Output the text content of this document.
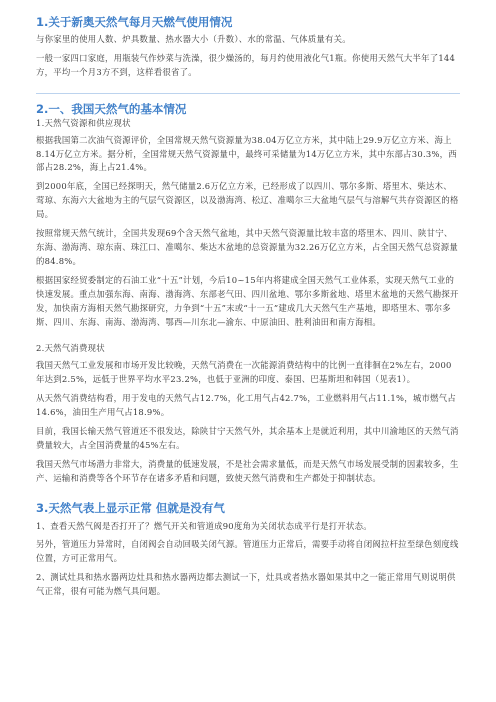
1.关于新奥天然气每月天燃气使用情况

与你家里的使用人数、炉具数量、热水器大小（升数）、水的常温、气体质量有关。

一般一家四口家庭，用瓶装气作炒菜与洗澡，很少燥汤的，每月约使用液化气1瓶。你使用天然气大半年了144方，平均一个月3方不到，这样看很省了。

2.一、我国天然气的基本情况

1.天然气资源和供应现状

根据我国第二次油气资源评价，全国常规天然气资源量为38.04万亿立方米，其中陆上29.9万亿立方米、海上8.14万亿立方米。据分析，全国常规天然气资源量中，最终可采储量为14万亿立方米，其中东部占30.3%，西部占28.2%，海上占21.4%。

到2000年底，全国已经探明天，然气储量2.6万亿立方米，已经形成了以四川、鄂尔多斯、塔里木、柴达木、莺琼、东海六大盆地为主的气层气资源区，以及渤海湾、松辽、准噶尔三大盆地气层气与溶解气共存资源区的格局。

按照常规天然气统计，全国共发现69个含天然气盆地，其中天然气资源量比较丰富的塔里木、四川、陕甘宁、东海、渤海湾、琼东南、珠江口、准噶尔、柴达木盆地的总资源量为32.26万亿立方米，占全国天然气总资源量的84.8%。

根据国家经贸委制定的石油工业“十五”计划，今后10~15年内将建成全国天然气工业体系，实现天然气工业的快速发展。重点加强东海、南海、渤海湾、东部老气田、四川盆地、鄂尔多斯盆地、塔里木盆地的天然气勘探开发，加快南方海相天然气勘探研究，力争到“十五”末或“十一五”建成几大天然气生产基地，即塔里木、鄂尔多斯、四川、东海、南海、渤海湾、鄂西—川东北—渝东、中原油田、胜利油田和南方海相。

2.天然气消费现状

我国天然气工业发展和市场开发比较晚，天然气消费在一次能源消费结构中的比例一直徘徊在2%左右，2000年达到2.5%，远低于世界平均水平23.2%，也低于亚洲的印度、泰国、巴基斯坦和韩国（见表1）。

从天然气消费结构看，用于发电的天然气占12.7%，化工用气占42.7%，工业燃料用气占11.1%，城市燃气占14.6%，油田生产用气占18.9%。

目前，我国长输天然气管道还不很发达，除陕甘宁天然气外，其余基本上是就近利用，其中川渝地区的天然气消费量较大，占全国消费量的45%左右。

我国天然气市场潜力非常大，消费量的低速发展，不是社会需求量低，而是天然气市场发展受制的因素较多，生产、运输和消费等各个环节存在诸多矛盾和问题，致使天然气消费和生产都处于抑制状态。

3.天然气表上显示正常 但就是没有气

1、查看天然气阀是否打开了？燃气开关和管道成90度角为关闭状态成平行是打开状态。

另外，管道压力异常时，自闭阀会自动回吸关闭气源。管道压力正常后，需要手动将自闭阀拉杆拉至绿色刻度线位置，方可正常用气。

2、测试灶具和热水器两边灶具和热水器两边都去测试一下，灶具或者热水器如果其中之一能正常用气则说明供气正常，很有可能为燃气具问题。
